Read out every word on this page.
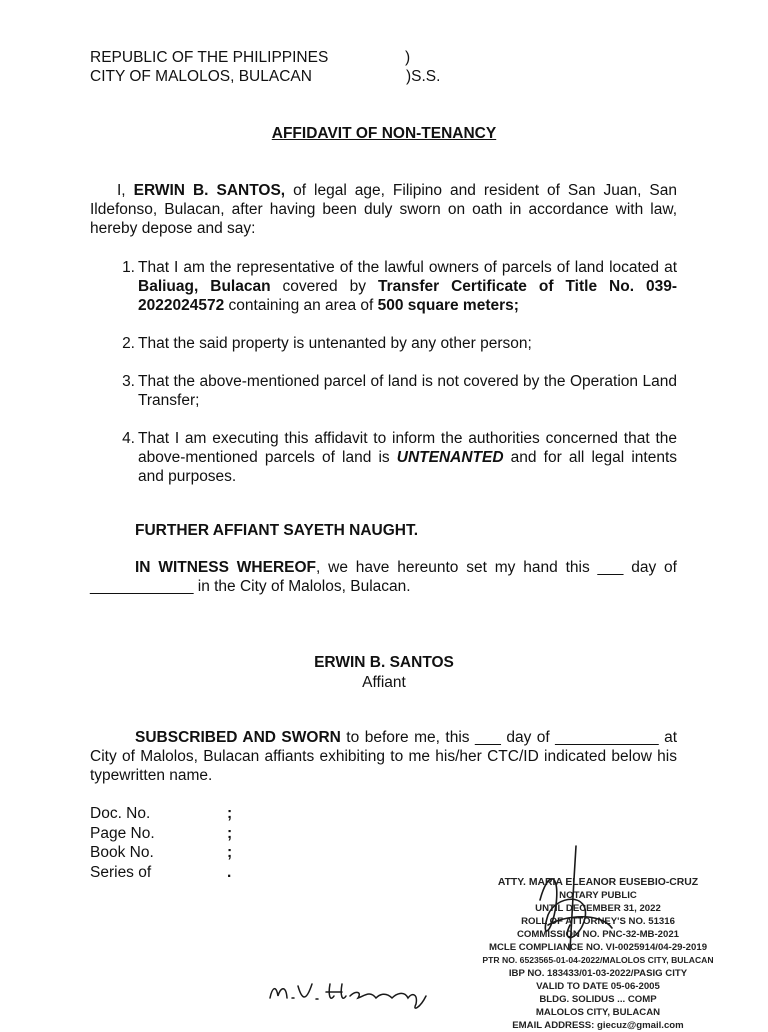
REPUBLIC OF THE PHILIPPINES	)
CITY OF MALOLOS, BULACAN	)S.S.
AFFIDAVIT OF NON-TENANCY
I, ERWIN B. SANTOS, of legal age, Filipino and resident of San Juan, San Ildefonso, Bulacan, after having been duly sworn on oath in accordance with law, hereby depose and say:
1. That I am the representative of the lawful owners of parcels of land located at Baliuag, Bulacan covered by Transfer Certificate of Title No. 039-2022024572 containing an area of 500 square meters;
2. That the said property is untenanted by any other person;
3. That the above-mentioned parcel of land is not covered by the Operation Land Transfer;
4. That I am executing this affidavit to inform the authorities concerned that the above-mentioned parcels of land is UNTENANTED and for all legal intents and purposes.
FURTHER AFFIANT SAYETH NAUGHT.
IN WITNESS WHEREOF, we have hereunto set my hand this ___ day of ____________ in the City of Malolos, Bulacan.
ERWIN B. SANTOS
Affiant
SUBSCRIBED AND SWORN to before me, this ___ day of ____________ at City of Malolos, Bulacan affiants exhibiting to me his/her CTC/ID indicated below his typewritten name.
Doc. No.	;
Page No.	;
Book No.	;
Series of	.
ATTY. MARIA ELEANOR EUSEBIO-CRUZ
NOTARY PUBLIC
UNTIL DECEMBER 31, 2022
ROLL OF ATTORNEY'S NO. 51316
COMMISSION NO. PNC-32-MB-2021
MCLE COMPLIANCE NO. VI-0025914/04-29-2019
PTR NO. 6523565-01-04-2022/MALOLOS CITY, BULACAN
IBP NO. 183433/01-03-2022/PASIG CITY
VALID TO DATE 05-06-2005
BLDG. SOLIDUS ... COMP
MALOLOS CITY, BULACAN
EMAIL ADDRESS: giecuz@gmail.com
